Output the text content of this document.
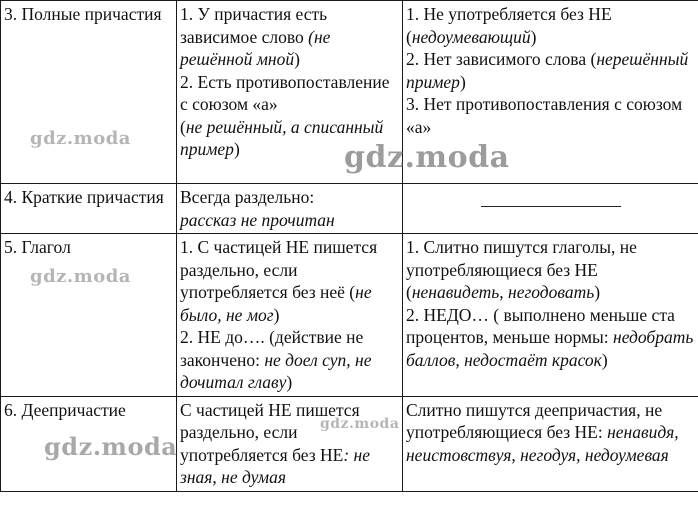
3. Полные причастия	1. У причастия есть зависимое слово (не решённой мной)
2. Есть противопоставление с союзом «а»
(не решённый, а списанный пример)	1. Не употребляется без НЕ (недоумевающий)
2. Нет зависимого слова (нерешённый пример)
3. Нет противопоставления с союзом «а»
4. Краткие причастия	Всегда раздельно:
рассказ не прочитан	

5. Глагол	1. С частицей НЕ пишется раздельно, если употребляется без неё (не было, не мог)
2. НЕ до…. (действие не закончено: не доел суп, не дочитал главу)	1. Слитно пишутся глаголы, не употребляющиеся без НЕ (ненавидеть, негодовать)
2. НЕДО… ( выполнено меньше ста процентов, меньше нормы: недобрать баллов, недостаёт красок)
6. Деепричастие	С частицей НЕ пишется раздельно, если употребляется без НЕ: не зная, не думая	Слитно пишутся деепричастия, не употребляющиеся без НЕ: ненавидя, неистовствуя, негодуя, недоумевая
gdz.moda
gdz.moda
gdz.moda
gdz.moda
gdz.moda
